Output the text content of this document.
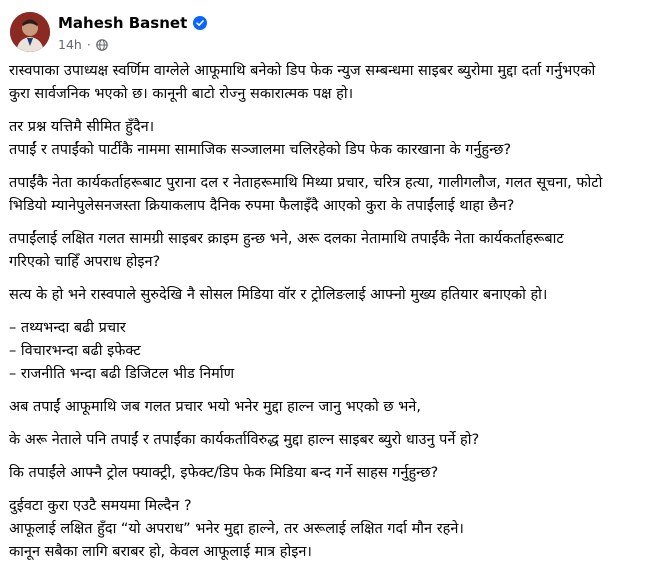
Mahesh Basnet
14h ·

रास्वपाका उपाध्यक्ष स्वर्णिम वाग्लेले आफूमाथि बनेको डिप फेक न्युज सम्बन्धमा साइबर ब्युरोमा मुद्दा दर्ता गर्नुभएको
कुरा सार्वजनिक भएको छ। कानूनी बाटो रोज्नु सकारात्मक पक्ष हो।

तर प्रश्न यत्तिमै सीमित हुँदैन।
तपाईं र तपाईंको पार्टीकै नाममा सामाजिक सञ्जालमा चलिरहेको डिप फेक कारखाना के गर्नुहुन्छ?

तपाईंकै नेता कार्यकर्ताहरूबाट पुराना दल र नेताहरूमाथि मिथ्या प्रचार, चरित्र हत्या, गालीगलौज, गलत सूचना, फोटो
भिडियो म्यानेपुलेसनजस्ता क्रियाकलाप दैनिक रुपमा फैलाइँदै आएको कुरा के तपाईंलाई थाहा छैन?

तपाईंलाई लक्षित गलत सामग्री साइबर क्राइम हुन्छ भने, अरू दलका नेतामाथि तपाईंकै नेता कार्यकर्ताहरूबाट
गरिएको चाहिँ अपराध होइन?

सत्य के हो भने रास्वपाले सुरुदेखि नै सोसल मिडिया वॉर र ट्रोलिङलाई आफ्नो मुख्य हतियार बनाएको हो।

– तथ्यभन्दा बढी प्रचार
– विचारभन्दा बढी इफेक्ट
– राजनीति भन्दा बढी डिजिटल भीड निर्माण

अब तपाईं आफूमाथि जब गलत प्रचार भयो भनेर मुद्दा हाल्न जानु भएको छ भने,

के अरू नेताले पनि तपाईं र तपाईंका कार्यकर्ताविरुद्ध मुद्दा हाल्न साइबर ब्युरो धाउनु पर्ने हो?

कि तपाईंले आफ्नै ट्रोल फ्याक्ट्री, इफेक्ट/डिप फेक मिडिया बन्द गर्ने साहस गर्नुहुन्छ?

दुईवटा कुरा एउटै समयमा मिल्दैन ?
आफूलाई लक्षित हुँदा “यो अपराध” भनेर मुद्दा हाल्ने, तर अरूलाई लक्षित गर्दा मौन रहने।
कानून सबैका लागि बराबर हो, केवल आफूलाई मात्र होइन।
